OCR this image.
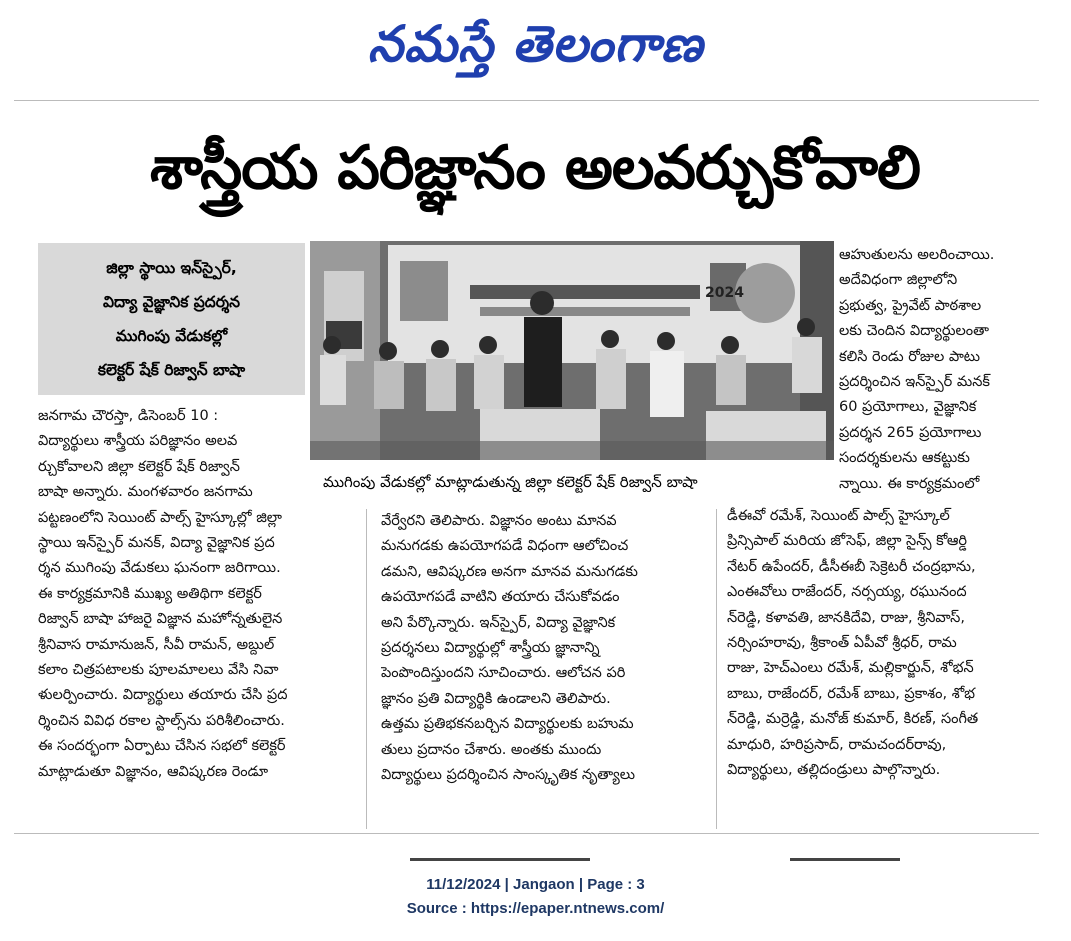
నమస్తే తెలంగాణ
శాస్త్రీయ పరిజ్ఞానం అలవర్చుకోవాలి
జిల్లా స్థాయి ఇన్‌స్పైర్,
విద్యా వైజ్ఞానిక ప్రదర్శన
ముగింపు వేడుకల్లో
కలెక్టర్ షేక్ రిజ్వాన్ బాషా
2024
ముగింపు వేడుకల్లో మాట్లాడుతున్న జిల్లా కలెక్టర్ షేక్ రిజ్వాన్ బాషా
జనగామ చౌరస్తా, డిసెంబర్ 10 :
విద్యార్థులు శాస్త్రీయ పరిజ్ఞానం అలవ
ర్చుకోవాలని జిల్లా కలెక్టర్ షేక్ రిజ్వాన్
బాషా అన్నారు. మంగళవారం జనగామ
పట్టణంలోని సెయింట్ పాల్స్ హైస్కూల్లో జిల్లా
స్థాయి ఇన్‌స్పైర్ మనక్, విద్యా వైజ్ఞానిక ప్రద
ర్శన ముగింపు వేడుకలు ఘనంగా జరిగాయి.
ఈ కార్యక్రమానికి ముఖ్య అతిథిగా కలెక్టర్
రిజ్వాన్ బాషా హాజరై విజ్ఞాన మహోన్నతులైన
శ్రీనివాస రామానుజన్, సీవీ రామన్, అబ్దుల్
కలాం చిత్రపటాలకు పూలమాలలు వేసి నివా
ళులర్పించారు. విద్యార్థులు తయారు చేసి ప్రద
ర్శించిన వివిధ రకాల స్టాల్స్‌ను పరిశీలించారు.
ఈ సందర్భంగా ఏర్పాటు చేసిన సభలో కలెక్టర్
మాట్లాడుతూ విజ్ఞానం, ఆవిష్కరణ రెండూ
వేర్వేరని తెలిపారు. విజ్ఞానం అంటు మానవ
మనుగడకు ఉపయోగపడే విధంగా ఆలోచించ
డమని, ఆవిష్కరణ అనగా మానవ మనుగడకు
ఉపయోగపడే వాటిని తయారు చేసుకోవడం
అని పేర్కొన్నారు. ఇన్‌స్పైర్, విద్యా వైజ్ఞానిక
ప్రదర్శనలు విద్యార్థుల్లో శాస్త్రీయ జ్ఞానాన్ని
పెంపొందిస్తుందని సూచించారు. ఆలోచన పరి
జ్ఞానం ప్రతి విద్యార్థికి ఉండాలని తెలిపారు.
ఉత్తమ ప్రతిభకనబర్చిన విద్యార్థులకు బహుమ
తులు ప్రదానం చేశారు. అంతకు ముందు
విద్యార్థులు ప్రదర్శించిన సాంస్కృతిక నృత్యాలు
ఆహుతులను అలరించాయి.
అదేవిధంగా జిల్లాలోని
ప్రభుత్వ, ప్రైవేట్ పాఠశాల
లకు చెందిన విద్యార్థులంతా
కలిసి రెండు రోజుల పాటు
ప్రదర్శించిన ఇన్‌స్పైర్ మనక్
60 ప్రయోగాలు, వైజ్ఞానిక
ప్రదర్శన 265 ప్రయోగాలు
సందర్శకులను ఆకట్టుకు
న్నాయి. ఈ కార్యక్రమంలో
డీఈవో రమేశ్, సెయింట్ పాల్స్ హైస్కూల్
ప్రిన్సిపాల్ మరియ జోసెఫ్, జిల్లా సైన్స్ కోఆర్డి
నేటర్ ఉపేందర్, డీసీఈబీ సెక్రెటరీ చంద్రభాను,
ఎంఈవోలు రాజేందర్, నర్సయ్య, రఘునంద
న్‌రెడ్డి, కళావతి, జానకిదేవి, రాజు, శ్రీనివాస్,
నర్సింహరావు, శ్రీకాంత్ ఏపీవో శ్రీధర్, రామ
రాజు, హెచ్ఎంలు రమేశ్, మల్లికార్జున్, శోభన్
బాబు, రాజేందర్, రమేశ్ బాబు, ప్రకాశం, శోభ
న్‌రెడ్డి, మర్రెడ్డి, మనోజ్ కుమార్, కిరణ్, సంగీత
మాధురి, హరిప్రసాద్, రామచందర్‌రావు,
విద్యార్థులు, తల్లిదండ్రులు పాల్గొన్నారు.
11/12/2024 | Jangaon | Page : 3
Source : https://epaper.ntnews.com/
